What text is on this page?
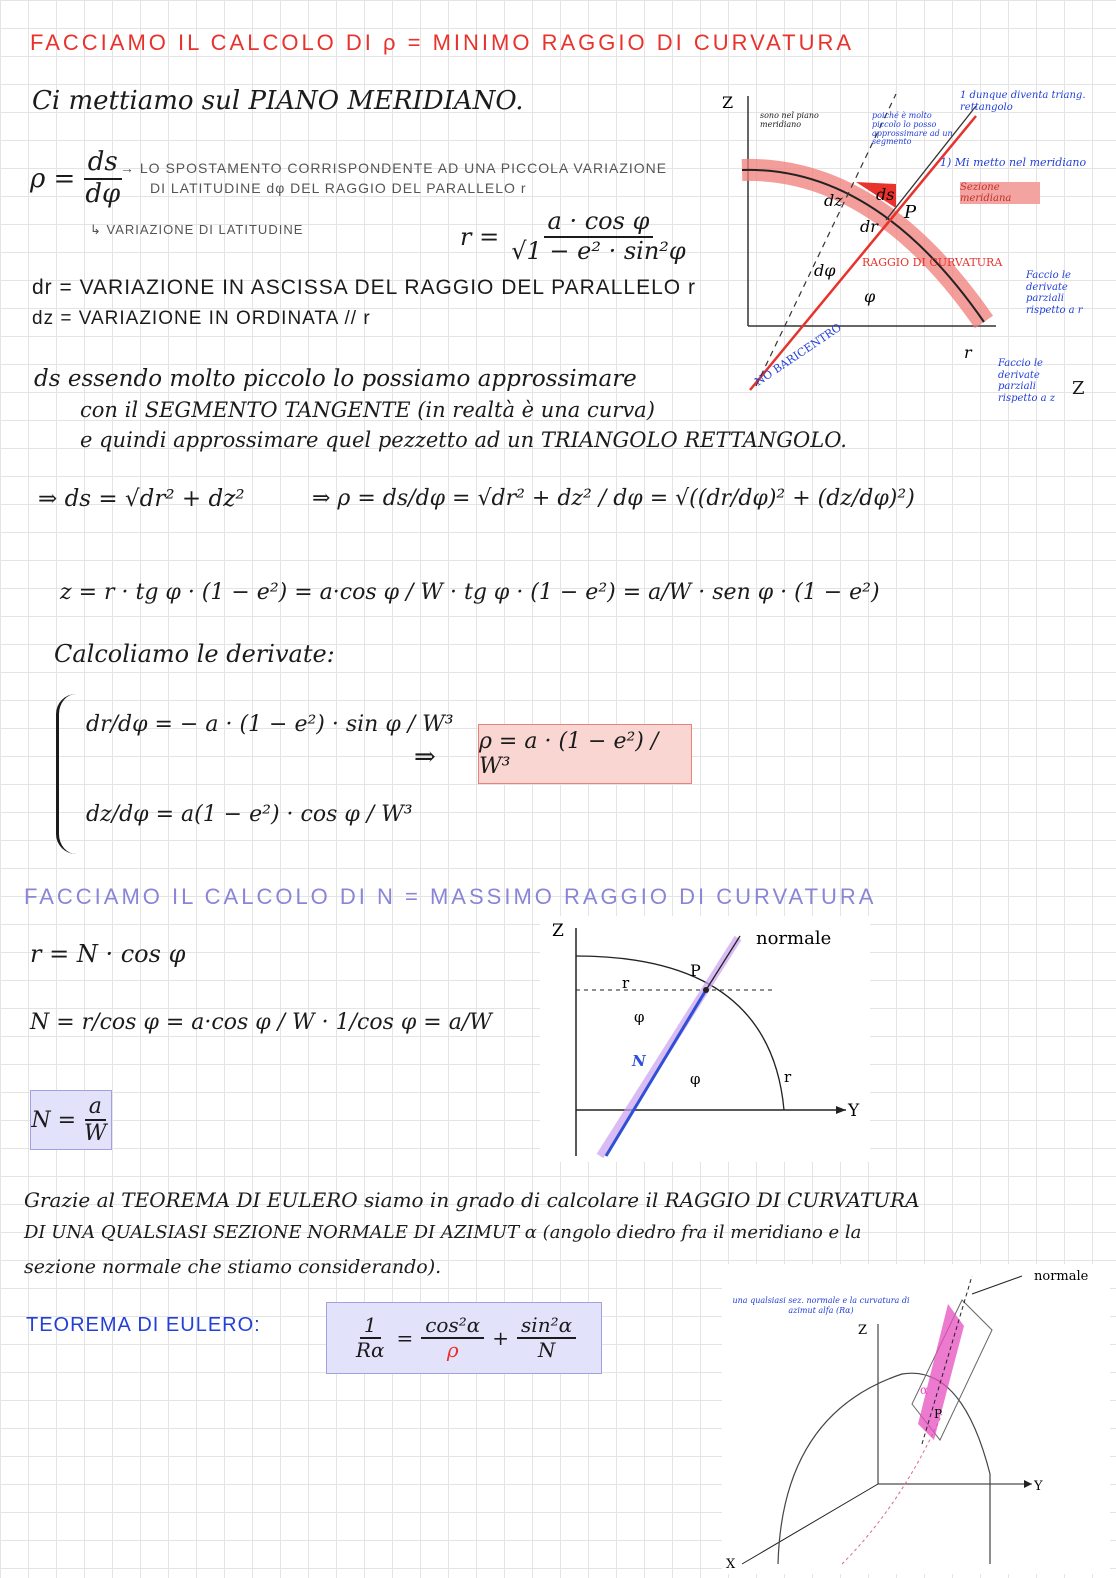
FACCIAMO IL CALCOLO DI ρ = MINIMO RAGGIO DI CURVATURA
Ci mettiamo sul PIANO MERIDIANO.
$\rho = \frac{ds}{d\varphi}$
→ LO SPOSTAMENTO CORRISPONDENTE AD UNA PICCOLA VARIAZIONE
DI LATITUDINE dφ DEL RAGGIO DEL PARALLELO r
↳ VARIAZIONE DI LATITUDINE	$r = \frac{\text{a · cos φ}}{\text{√1 − e² · sin²φ}}$
dr = VARIAZIONE IN ASCISSA DEL RAGGIO DEL PARALLELO r
dz = VARIAZIONE IN ORDINATA // r
ds essendo molto piccolo lo possiamo approssimare
con il SEGMENTO TANGENTE (in realtà è una curva)
e quindi approssimare quel pezzetto ad un TRIANGOLO RETTANGOLO.
⇒ ds = √dr² + dz²	⇒ ρ = ds/dφ = √dr² + dz² / dφ = √((dr/dφ)² + (dz/dφ)²)
z = r · tg φ · (1 − e²) = a·cos φ / W · tg φ · (1 − e²) = a/W · sen φ · (1 − e²)
Calcoliamo le derivate:
dr/dφ = − a · (1 − e²) · sin φ / W³
dz/dφ = a(1 − e²) · cos φ / W³
⇒
ρ = a · (1 − e²) / W³
Z
r
dz ds
dr
P
dφ
φ
RAGGIO DI CURVATURA
NO BARICENTRO
1 dunque diventa triang. rettangolo
1) Mi metto nel meridiano
Sezione meridiana
sono nel piano meridiano
poiché è molto piccolo lo posso approssimare ad un segmento
Faccio le derivate parziali rispetto a r
Faccio le derivate parziali rispetto a z Z
FACCIAMO IL CALCOLO DI N = MASSIMO RAGGIO DI CURVATURA
r = N · cos φ
N = r/cos φ = a·cos φ / W · 1/cos φ = a/W
$N = \frac{a}{W}$
Z
Y
normale
P
r
r
φ
φ
N
Grazie al TEOREMA DI EULERO siamo in grado di calcolare il RAGGIO DI CURVATURA
DI UNA QUALSIASI SEZIONE NORMALE DI AZIMUT α (angolo diedro fra il meridiano e la
sezione normale che stiamo considerando).
TEOREMA DI EULERO:	$\frac{1}{R\alpha} = \frac{\text{cos²α}}{\rho} + \frac{\text{sin²α}}{N}$
normale
Z
Y
X
P
α
una qualsiasi sez. normale e la curvatura di azimut alfa (Rα)
